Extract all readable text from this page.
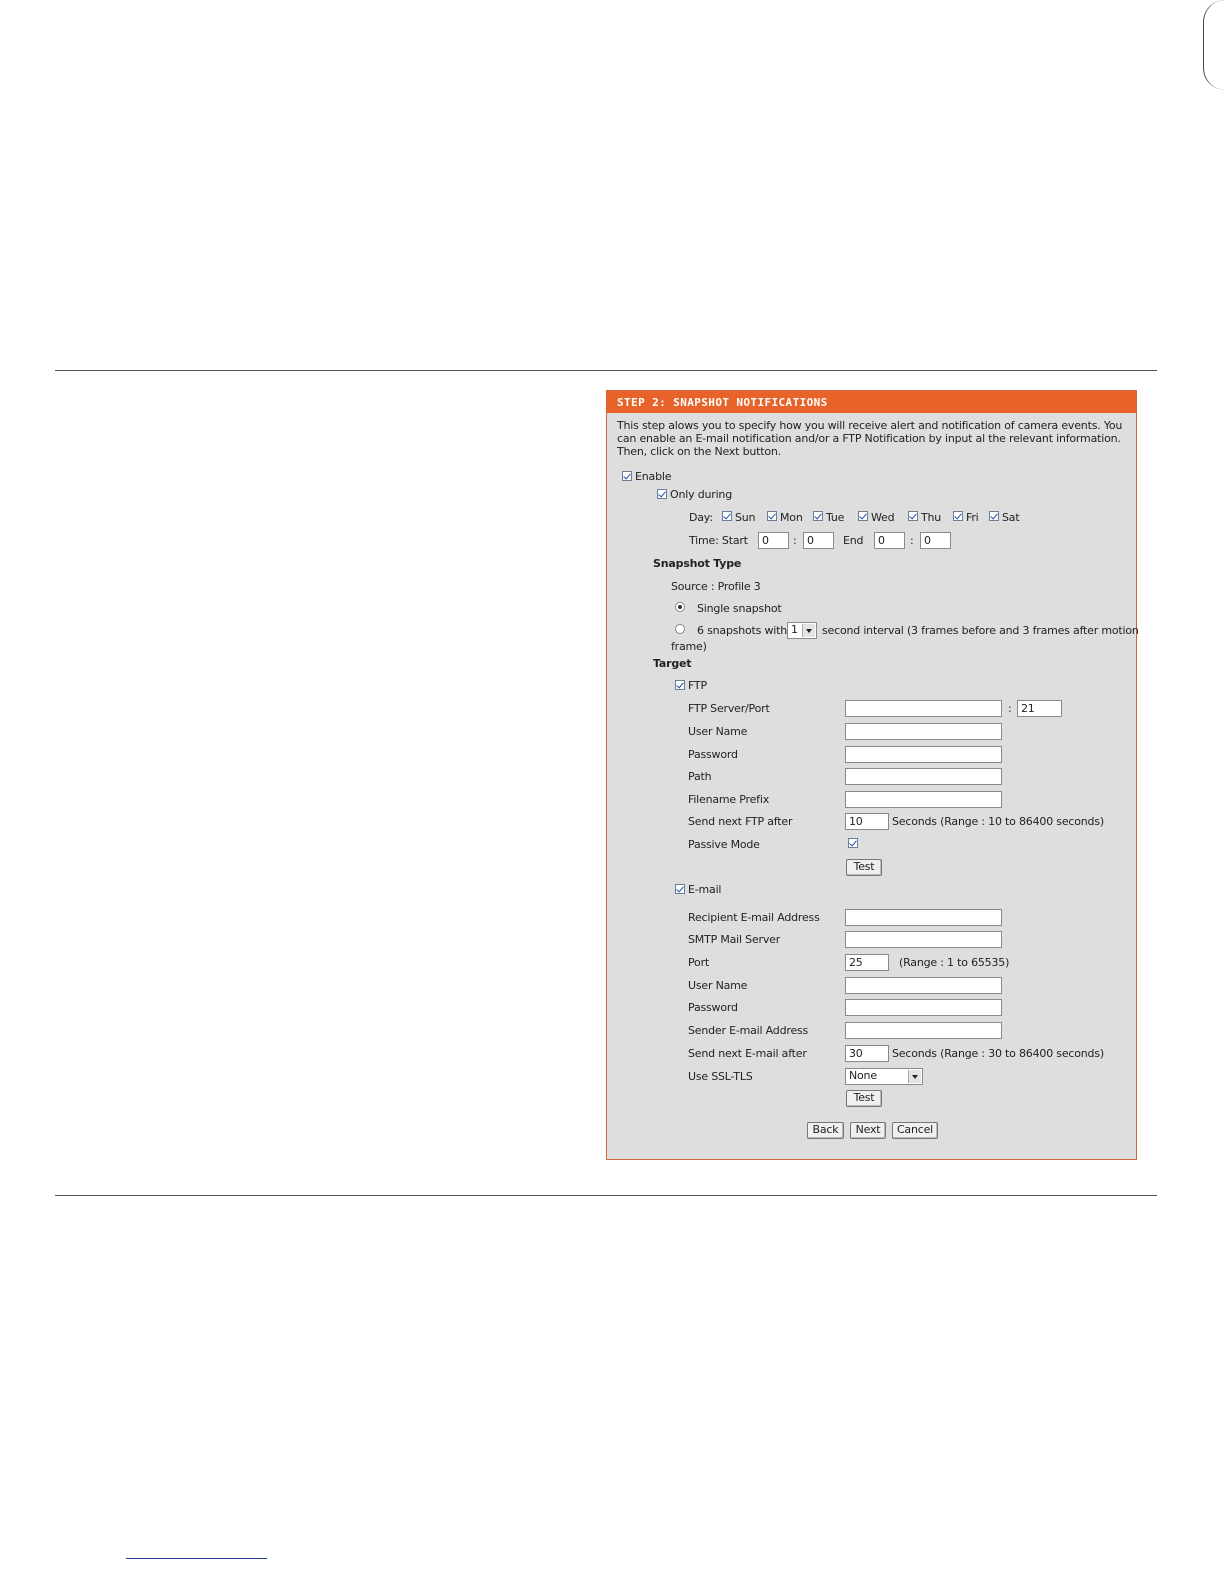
STEP 2: SNAPSHOT NOTIFICATIONS
This step alows you to specify how you will receive alert and notification of camera events. You can enable an E-mail notification and/or a FTP Notification by input al the relevant information. Then, click on the Next button.
Enable
Only during
Day: Sun Mon Tue Wed Thu Fri Sat
Time: Start	0	: 0	End	0	: 0
Snapshot Type
Source : Profile 3
Single snapshot
6 snapshots with 1	second interval (3 frames before and 3 frames after motion
frame)
Target
FTP
FTP Server/Port	: 21
User Name
Password
Path
Filename Prefix
Send next FTP after	10	Seconds (Range : 10 to 86400 seconds)
Passive Mode
Test
E-mail
Recipient E-mail Address
SMTP Mail Server
Port	25	(Range : 1 to 65535)
User Name
Password
Sender E-mail Address
Send next E-mail after	30	Seconds (Range : 30 to 86400 seconds)
Use SSL-TLS	None
Test
Back	Next	Cancel
